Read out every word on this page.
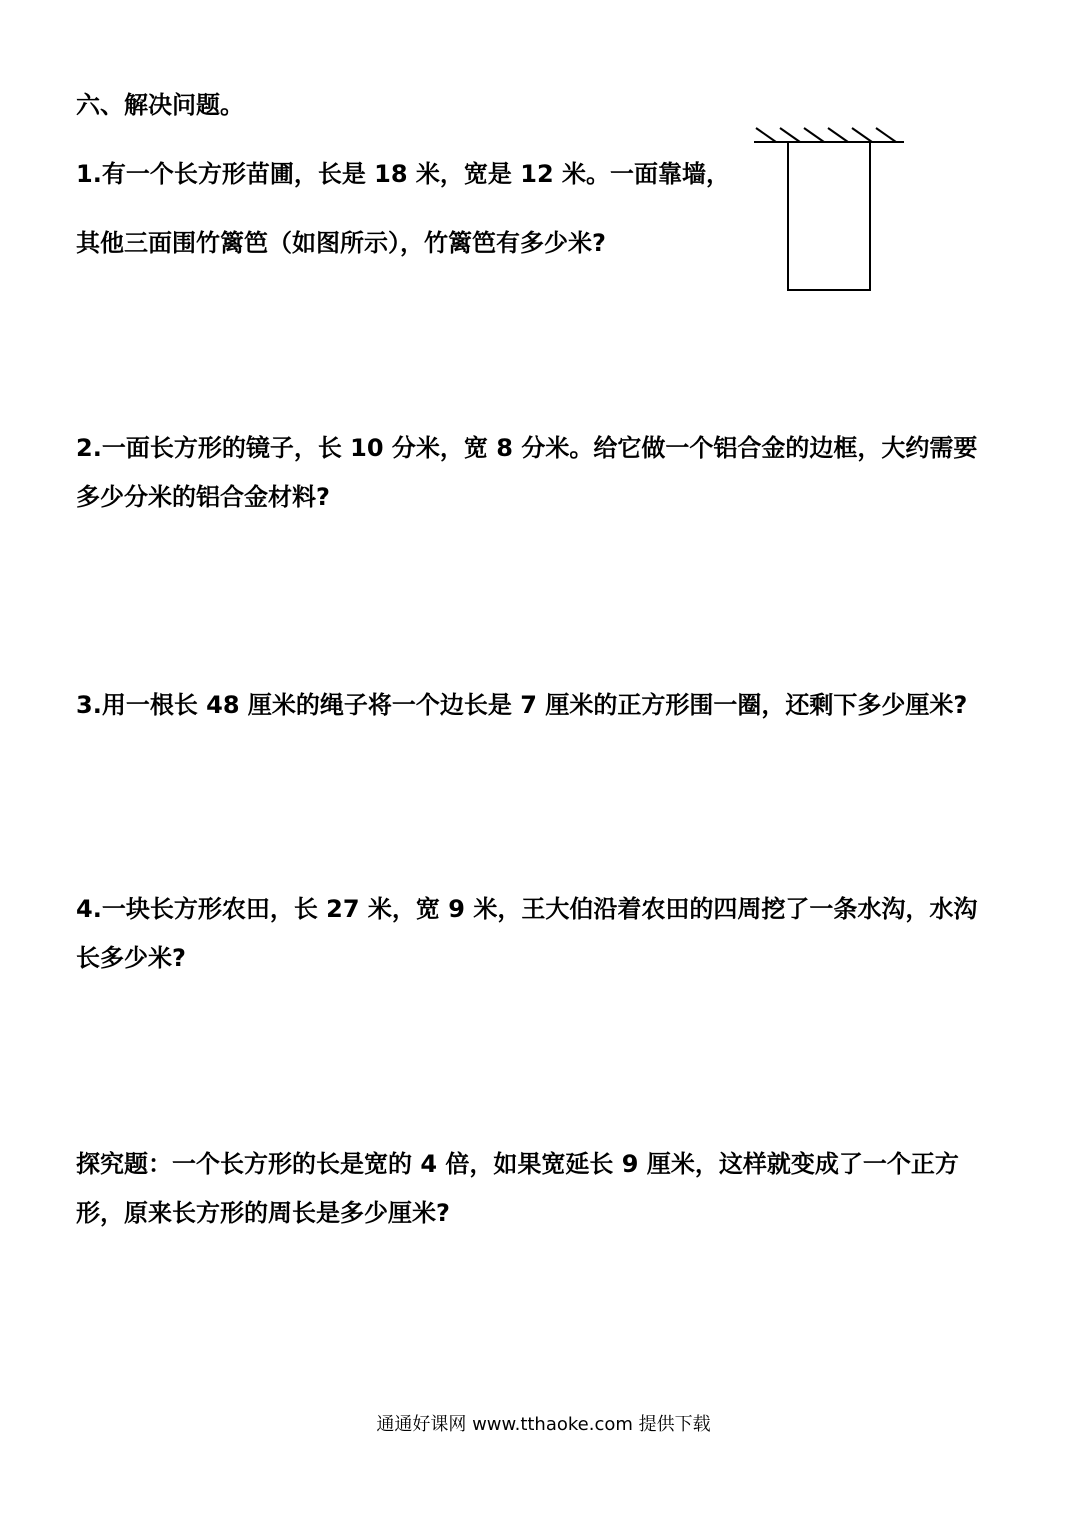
六、解决问题。
1.有一个长方形苗圃，长是 18 米，宽是 12 米。一面靠墙，
其他三面围竹篱笆（如图所示），竹篱笆有多少米?
2.一面长方形的镜子，长 10 分米，宽 8 分米。给它做一个铝合金的边框，大约需要
多少分米的铝合金材料?
3.用一根长 48 厘米的绳子将一个边长是 7 厘米的正方形围一圈，还剩下多少厘米?
4.一块长方形农田，长 27 米，宽 9 米，王大伯沿着农田的四周挖了一条水沟，水沟
长多少米?
探究题：一个长方形的长是宽的 4 倍，如果宽延长 9 厘米，这样就变成了一个正方
形，原来长方形的周长是多少厘米?
通通好课网 www.tthaoke.com 提供下载
